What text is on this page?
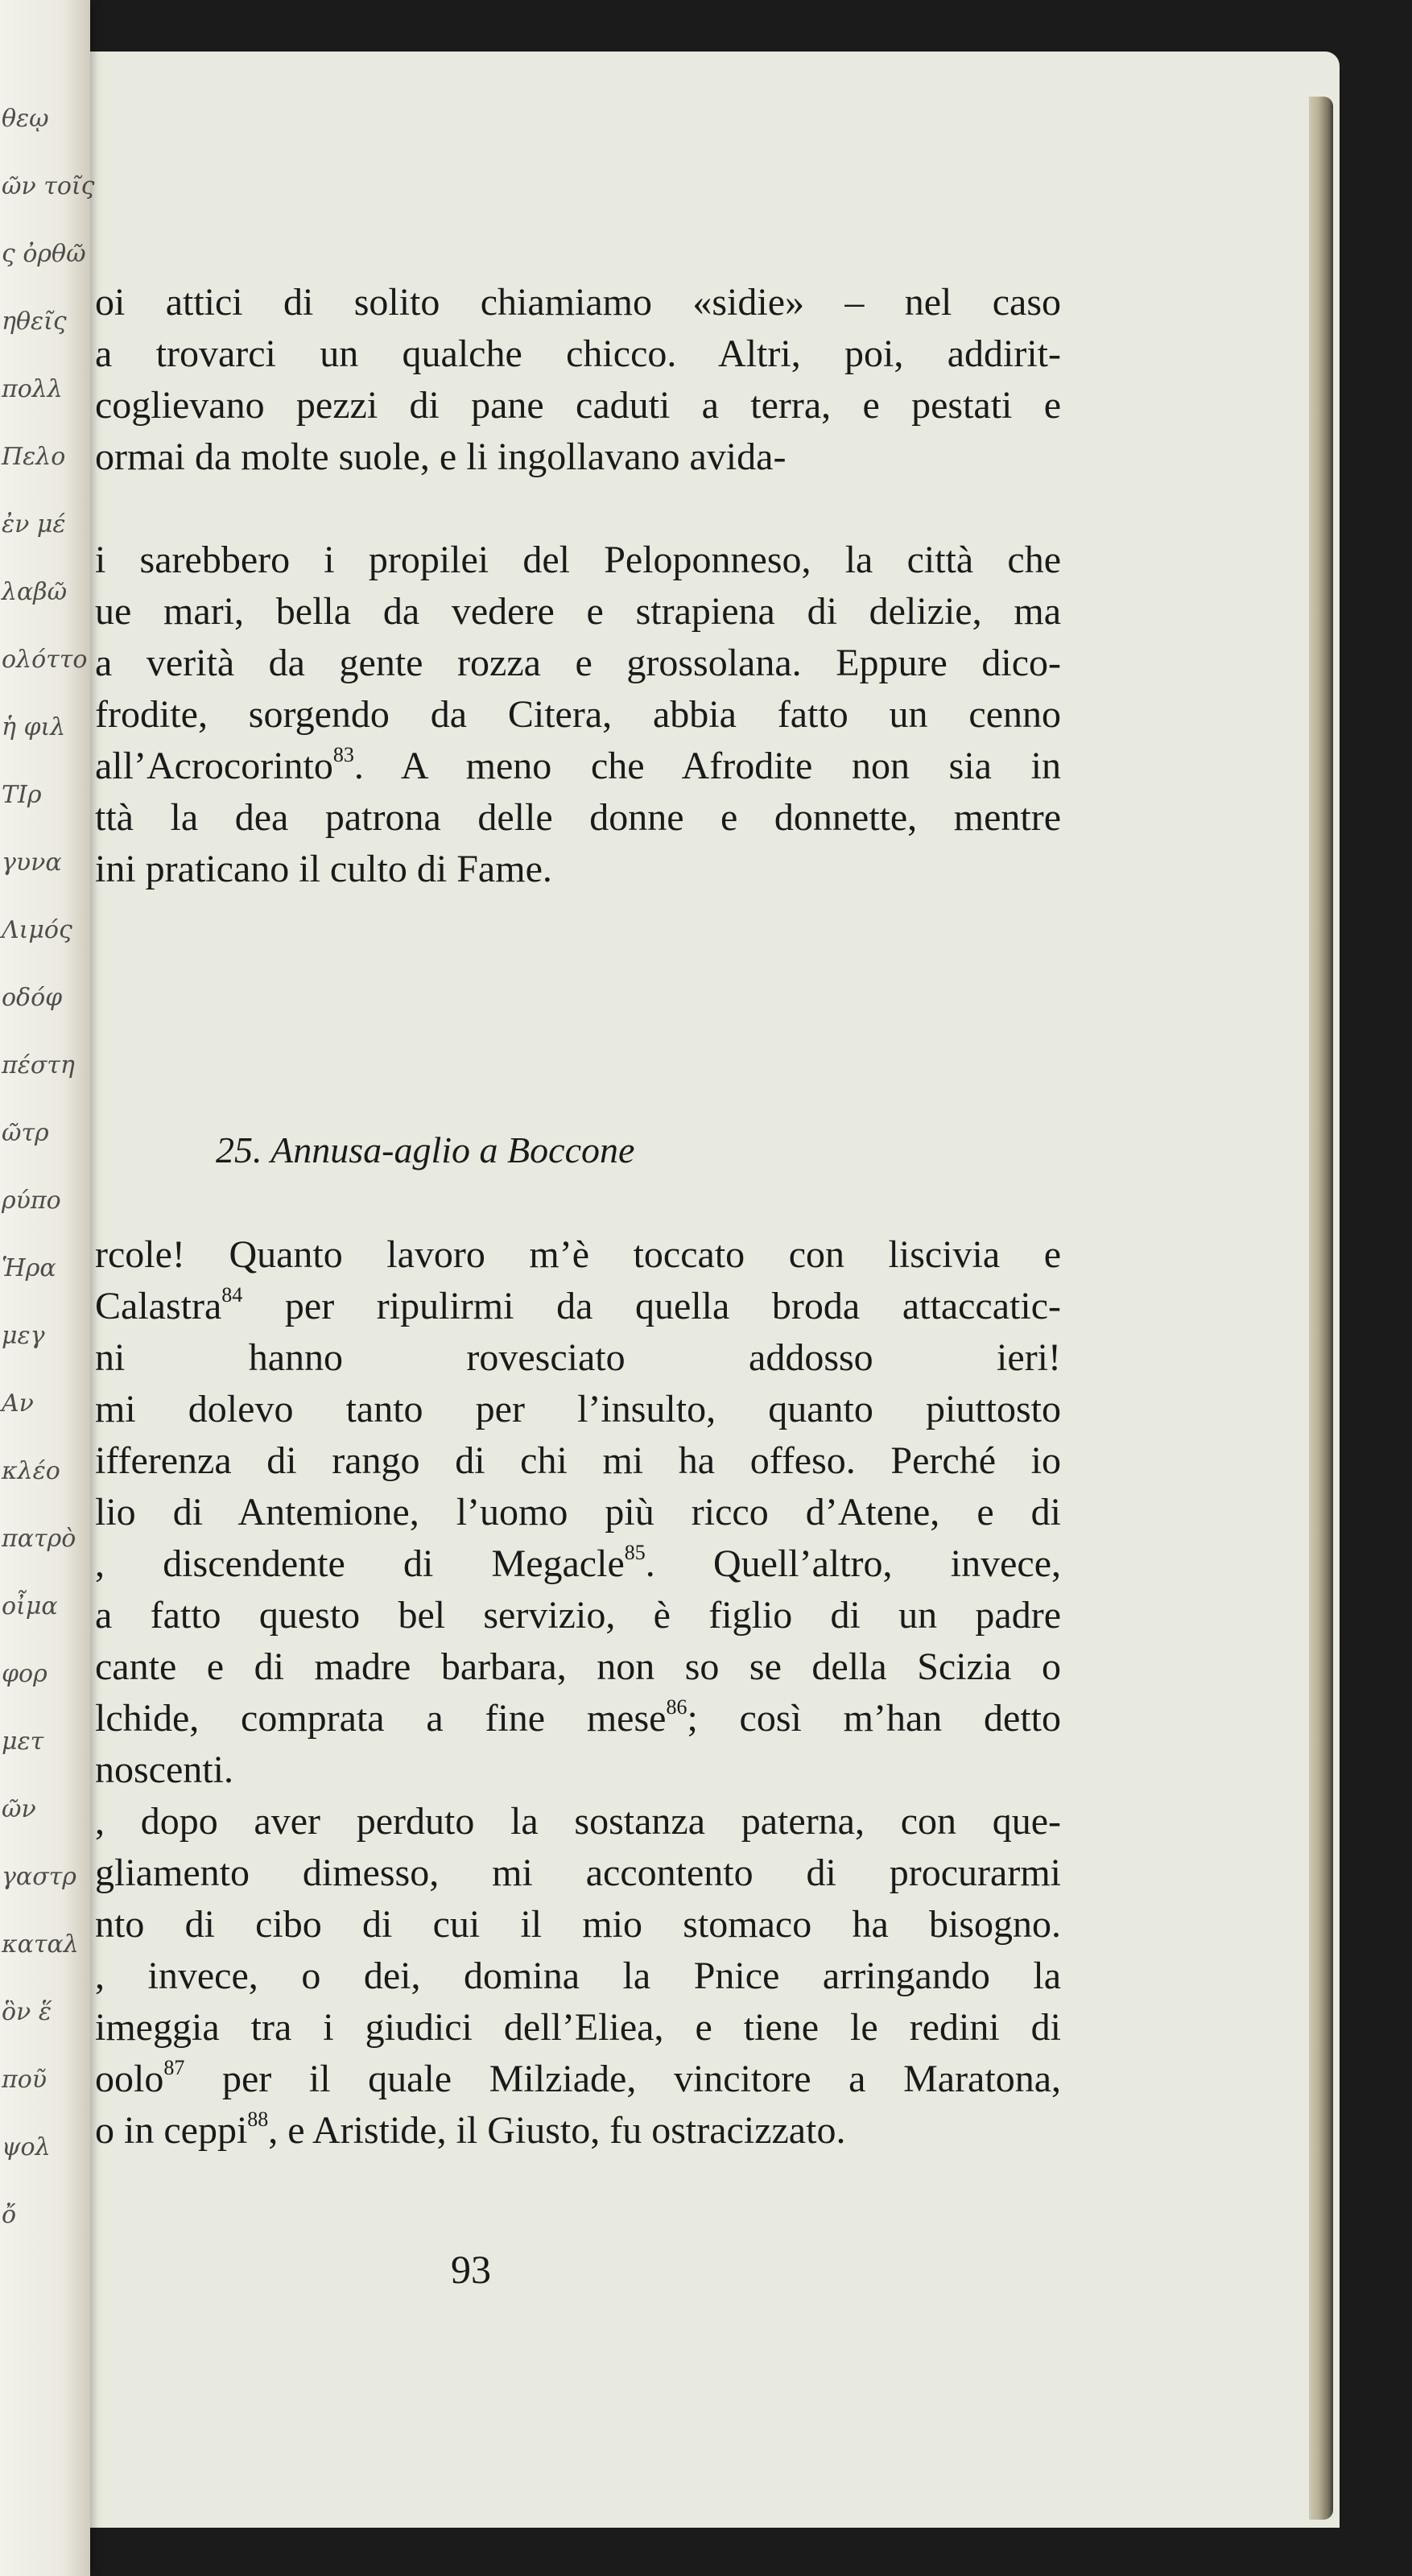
θεῳ
ῶν τοῖς
ς ὀρθῶ
ηθεῖς
πολλ
Πελο
ἐν μέ
λαβῶ
ολόττο
ἡ φιλ
ΤΙρ
γυνα
Λιμός
οδόφ
πέστη
ῶτρ
ρύπο
Ἡρα
μεγ
Αν
κλέο
πατρὸ
οἶμα
φορ
μετ
ῶν
γαστρ
καταλ
ὃν ἕ
ποῦ
ψολ
ὄ
oi attici di solito chiamiamo «sidie» – nel caso
a trovarci un qualche chicco. Altri, poi, addirit-
coglievano pezzi di pane caduti a terra, e pestati e
ormai da molte suole, e li ingollavano avida-
i sarebbero i propilei del Peloponneso, la città che
ue mari, bella da vedere e strapiena di delizie, ma
a verità da gente rozza e grossolana. Eppure dico-
frodite, sorgendo da Citera, abbia fatto un cenno
all’Acrocorinto$^{83}$. A meno che Afrodite non sia in
ttà la dea patrona delle donne e donnette, mentre
ini praticano il culto di Fame.
25. Annusa-aglio a Boccone
rcole! Quanto lavoro m’è toccato con liscivia e
Calastra$^{84}$ per ripulirmi da quella broda attaccatic-
ni hanno rovesciato addosso ieri!
mi dolevo tanto per l’insulto, quanto piuttosto
ifferenza di rango di chi mi ha offeso. Perché io
lio di Antemione, l’uomo più ricco d’Atene, e di
, discendente di Megacle$^{85}$. Quell’altro, invece,
a fatto questo bel servizio, è figlio di un padre
cante e di madre barbara, non so se della Scizia o
lchide, comprata a fine mese$^{86}$; così m’han detto
noscenti.
, dopo aver perduto la sostanza paterna, con que-
gliamento dimesso, mi accontento di procurarmi
nto di cibo di cui il mio stomaco ha bisogno.
, invece, o dei, domina la Pnice arringando la
imeggia tra i giudici dell’Eliea, e tiene le redini di
oolo$^{87}$ per il quale Milziade, vincitore a Maratona,
o in ceppi$^{88}$, e Aristide, il Giusto, fu ostracizzato.
93
